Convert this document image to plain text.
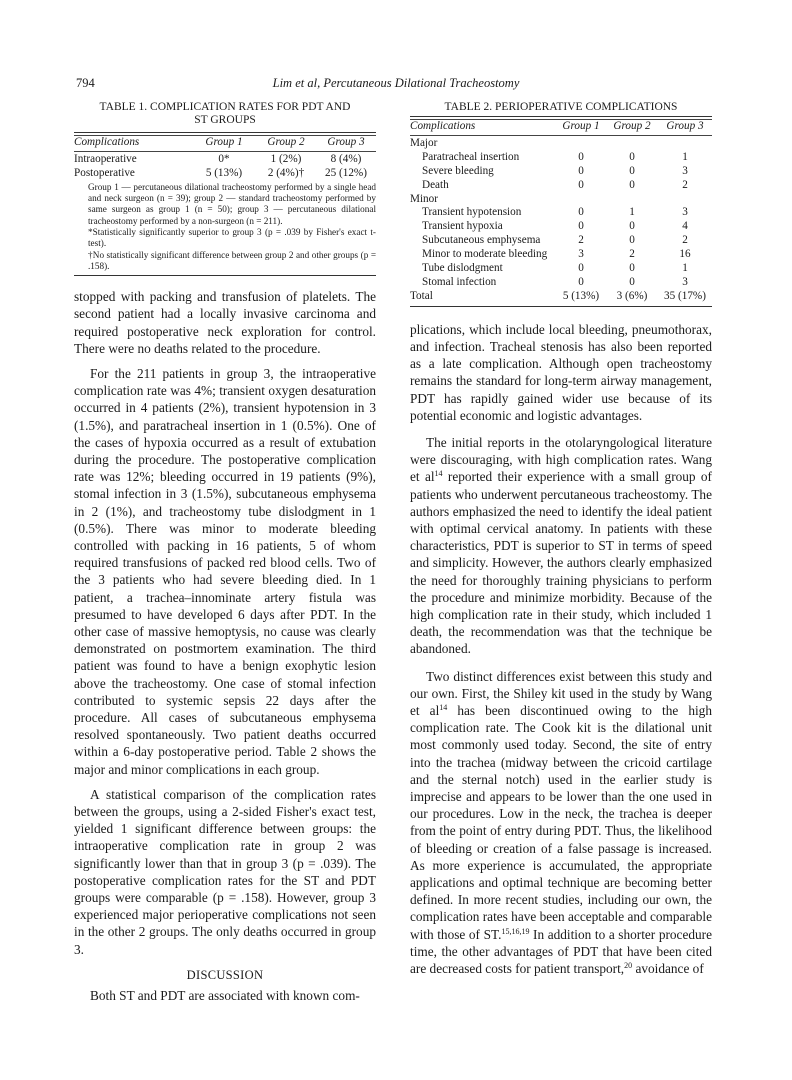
794	Lim et al, Percutaneous Dilational Tracheostomy
TABLE 1. COMPLICATION RATES FOR PDT AND
ST GROUPS
Complications	Group 1	Group 2	Group 3

Intraoperative	0*	1 (2%)	8 (4%)
Postoperative	5 (13%)	2 (4%)†	25 (12%)
Group 1 — percutaneous dilational tracheostomy performed by a single head and neck surgeon (n = 39); group 2 — standard tracheostomy performed by same surgeon as group 1 (n = 50); group 3 — percutaneous dilational tracheostomy performed by a non-surgeon (n = 211).
*Statistically significantly superior to group 3 (p = .039 by Fisher's exact t-test).
†No statistically significant difference between group 2 and other groups (p = .158).

stopped with packing and transfusion of platelets. The second patient had a locally invasive carcinoma and required postoperative neck exploration for control. There were no deaths related to the procedure.

For the 211 patients in group 3, the intraoperative complication rate was 4%; transient oxygen desaturation occurred in 4 patients (2%), transient hypotension in 3 (1.5%), and paratracheal insertion in 1 (0.5%). One of the cases of hypoxia occurred as a result of extubation during the procedure. The postoperative complication rate was 12%; bleeding occurred in 19 patients (9%), stomal infection in 3 (1.5%), subcutaneous emphysema in 2 (1%), and tracheostomy tube dislodgment in 1 (0.5%). There was minor to moderate bleeding controlled with packing in 16 patients, 5 of whom required transfusions of packed red blood cells. Two of the 3 patients who had severe bleeding died. In 1 patient, a trachea–innominate artery fistula was presumed to have developed 6 days after PDT. In the other case of massive hemoptysis, no cause was clearly demonstrated on postmortem examination. The third patient was found to have a benign exophytic lesion above the tracheostomy. One case of stomal infection contributed to systemic sepsis 22 days after the procedure. All cases of subcutaneous emphysema resolved spontaneously. Two patient deaths occurred within a 6-day postoperative period. Table 2 shows the major and minor complications in each group.

A statistical comparison of the complication rates between the groups, using a 2-sided Fisher's exact test, yielded 1 significant difference between groups: the intraoperative complication rate in group 2 was significantly lower than that in group 3 (p = .039). The postoperative complication rates for the ST and PDT groups were comparable (p = .158). However, group 3 experienced major perioperative complications not seen in the other 2 groups. The only deaths occurred in group 3.

DISCUSSION

Both ST and PDT are associated with known com-

TABLE 2. PERIOPERATIVE COMPLICATIONS
Complications	Group 1	Group 2	Group 3

Major			
Paratracheal insertion	0	0	1
Severe bleeding	0	0	3
Death	0	0	2
Minor			
Transient hypotension	0	1	3
Transient hypoxia	0	0	4
Subcutaneous emphysema	2	0	2
Minor to moderate bleeding	3	2	16
Tube dislodgment	0	0	1
Stomal infection	0	0	3
Total	5 (13%)	3 (6%)	35 (17%)

plications, which include local bleeding, pneumothorax, and infection. Tracheal stenosis has also been reported as a late complication. Although open tracheostomy remains the standard for long-term airway management, PDT has rapidly gained wider use because of its potential economic and logistic advantages.

The initial reports in the otolaryngological literature were discouraging, with high complication rates. Wang et $al^{14}$ reported their experience with a small group of patients who underwent percutaneous tracheostomy. The authors emphasized the need to identify the ideal patient with optimal cervical anatomy. In patients with these characteristics, PDT is superior to ST in terms of speed and simplicity. However, the authors clearly emphasized the need for thoroughly training physicians to perform the procedure and minimize morbidity. Because of the high complication rate in their study, which included 1 death, the recommendation was that the technique be abandoned.

Two distinct differences exist between this study and our own. First, the Shiley kit used in the study by Wang et $al^{14}$ has been discontinued owing to the high complication rate. The Cook kit is the dilational unit most commonly used today. Second, the site of entry into the trachea (midway between the cricoid cartilage and the sternal notch) used in the earlier study is imprecise and appears to be lower than the one used in our procedures. Low in the neck, the trachea is deeper from the point of entry during PDT. Thus, the likelihood of bleeding or creation of a false passage is increased. As more experience is accumulated, the appropriate applications and optimal technique are becoming better defined. In more recent studies, including our own, the complication rates have been acceptable and comparable with those of ST.$^{15,16,19}$ In addition to a shorter procedure time, the other advantages of PDT that have been cited are decreased costs for patient transport,$^{20}$ avoidance of
